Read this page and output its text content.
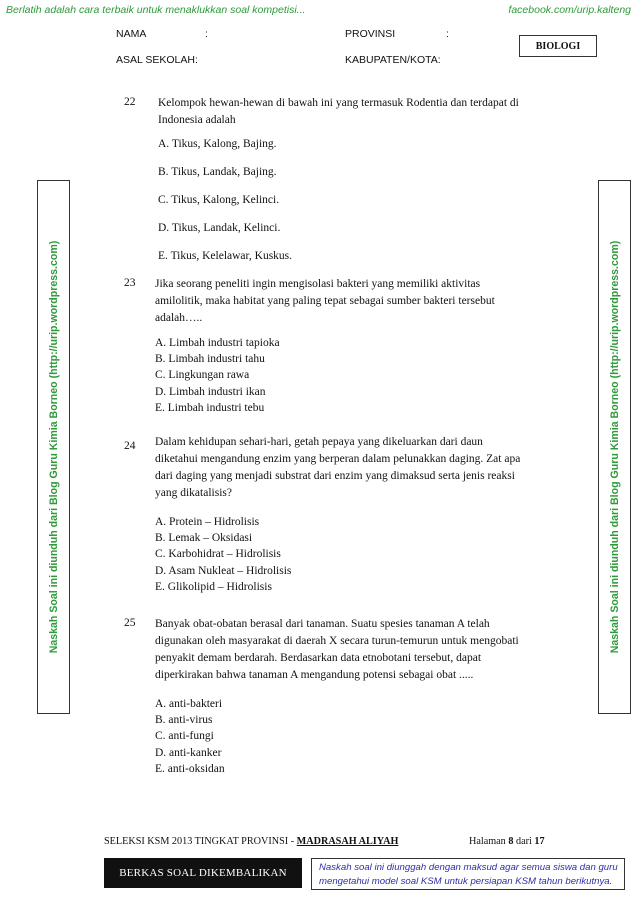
Berlatih adalah cara terbaik untuk menaklukkan soal kompetisi...	facebook.com/urip.kalteng
NAMA	:	PROVINSI	:
ASAL SEKOLAH:	KABUPATEN/KOTA:
BIOLOGI
Naskah Soal ini diunduh dari Blog Guru Kimia Borneo (http://urip.wordpress.com)	Naskah Soal ini diunduh dari Blog Guru Kimia Borneo (http://urip.wordpress.com)
22 Kelompok hewan-hewan di bawah ini yang termasuk Rodentia dan terdapat di
Indonesia adalah
A. Tikus, Kalong, Bajing.
B. Tikus, Landak, Bajing.
C. Tikus, Kalong, Kelinci.
D. Tikus, Landak, Kelinci.
E. Tikus, Kelelawar, Kuskus.
23 Jika seorang peneliti ingin mengisolasi bakteri yang memiliki aktivitas
amilolitik, maka habitat yang paling tepat sebagai sumber bakteri tersebut
adalah…..
A. Limbah industri tapioka
B. Limbah industri tahu
C. Lingkungan rawa
D. Limbah industri ikan
E. Limbah industri tebu
24 Dalam kehidupan sehari-hari, getah pepaya yang dikeluarkan dari daun
diketahui mengandung enzim yang berperan dalam pelunakkan daging. Zat apa
dari daging yang menjadi substrat dari enzim yang dimaksud serta jenis reaksi
yang dikatalisis?
A. Protein – Hidrolisis
B. Lemak – Oksidasi
C. Karbohidrat – Hidrolisis
D. Asam Nukleat – Hidrolisis
E. Glikolipid – Hidrolisis
25 Banyak obat-obatan berasal dari tanaman. Suatu spesies tanaman A telah
digunakan oleh masyarakat di daerah X secara turun-temurun untuk mengobati
penyakit demam berdarah. Berdasarkan data etnobotani tersebut, dapat
diperkirakan bahwa tanaman A mengandung potensi sebagai obat .....
A. anti-bakteri
B. anti-virus
C. anti-fungi
D. anti-kanker
E. anti-oksidan
SELEKSI KSM 2013 TINGKAT PROVINSI - MADRASAH ALIYAH	Halaman 8 dari 17
BERKAS SOAL DIKEMBALIKAN	Naskah soal ini diunggah dengan maksud agar semua siswa dan guru
mengetahui model soal KSM untuk persiapan KSM tahun berikutnya.
